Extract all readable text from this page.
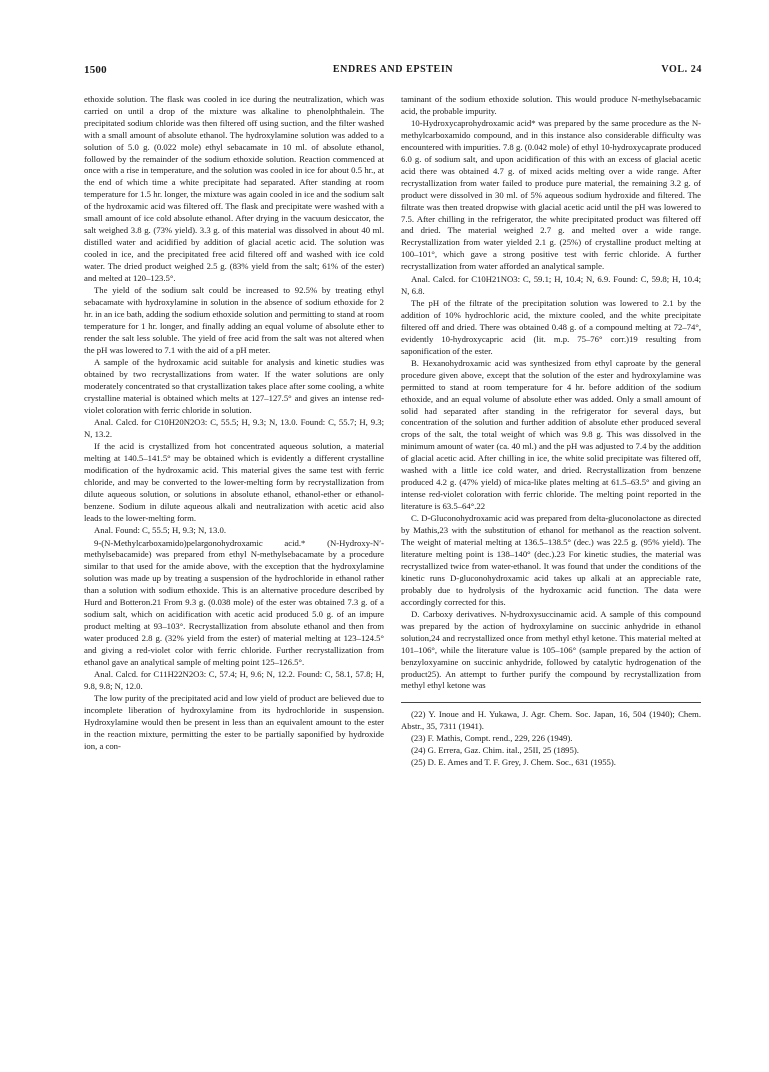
1500	ENDRES AND EPSTEIN	VOL. 24

ethoxide solution. The flask was cooled in ice during the neutralization, which was carried on until a drop of the mixture was alkaline to phenolphthalein. The precipitated sodium chloride was then filtered off using suction, and the filter washed with a small amount of absolute ethanol. The hydroxylamine solution was added to a solution of 5.0 g. (0.022 mole) ethyl sebacamate in 10 ml. of absolute ethanol, followed by the remainder of the sodium ethoxide solution. Reaction commenced at once with a rise in temperature, and the solution was cooled in ice for about 0.5 hr., at the end of which time a white precipitate had separated. After standing at room temperature for 1.5 hr. longer, the mixture was again cooled in ice and the sodium salt of the hydroxamic acid was filtered off. The flask and precipitate were washed with a small amount of ice cold absolute ethanol. After drying in the vacuum desiccator, the salt weighed 3.8 g. (73% yield). 3.3 g. of this material was dissolved in about 40 ml. distilled water and acidified by addition of glacial acetic acid. The solution was cooled in ice, and the precipitated free acid filtered off and washed with ice cold water. The dried product weighed 2.5 g. (83% yield from the salt; 61% of the ester) and melted at 120–123.5°.

The yield of the sodium salt could be increased to 92.5% by treating ethyl sebacamate with hydroxylamine in solution in the absence of sodium ethoxide for 2 hr. in an ice bath, adding the sodium ethoxide solution and permitting to stand at room temperature for 1 hr. longer, and finally adding an equal volume of absolute ether to render the salt less soluble. The yield of free acid from the salt was not altered when the pH was lowered to 7.1 with the aid of a pH meter.

A sample of the hydroxamic acid suitable for analysis and kinetic studies was obtained by two recrystallizations from water. If the water solutions are only moderately concentrated so that crystallization takes place after some cooling, a white crystalline material is obtained which melts at 127–127.5° and gives an intense red-violet coloration with ferric chloride in solution.

Anal. Calcd. for C10H20N2O3: C, 55.5; H, 9.3; N, 13.0. Found: C, 55.7; H, 9.3; N, 13.2.

If the acid is crystallized from hot concentrated aqueous solution, a material melting at 140.5–141.5° may be obtained which is evidently a different crystalline modification of the hydroxamic acid. This material gives the same test with ferric chloride, and may be converted to the lower-melting form by recrystallization from dilute aqueous solution, or solutions in absolute ethanol, ethanol-ether or ethanol-benzene. Sodium in dilute aqueous alkali and neutralization with acetic acid also leads to the lower-melting form.

Anal. Found: C, 55.5; H, 9.3; N, 13.0.

9-(N-Methylcarboxamido)pelargonohydroxamic acid.* (N-Hydroxy-N′-methylsebacamide) was prepared from ethyl N-methylsebacamate by a procedure similar to that used for the amide above, with the exception that the hydroxylamine solution was made up by treating a suspension of the hydrochloride in ethanol rather than a solution with sodium ethoxide. This is an alternative procedure described by Hurd and Botteron.21 From 9.3 g. (0.038 mole) of the ester was obtained 7.3 g. of a sodium salt, which on acidification with acetic acid produced 5.0 g. of an impure product melting at 93–103°. Recrystallization from absolute ethanol and then from water produced 2.8 g. (32% yield from the ester) of material melting at 123–124.5° and giving a red-violet color with ferric chloride. Further recrystallization from ethanol gave an analytical sample of melting point 125–126.5°.

Anal. Calcd. for C11H22N2O3: C, 57.4; H, 9.6; N, 12.2. Found: C, 58.1, 57.8; H, 9.8, 9.8; N, 12.0.

The low purity of the precipitated acid and low yield of product are believed due to incomplete liberation of hydroxylamine from its hydrochloride in suspension. Hydroxylamine would then be present in less than an equivalent amount to the ester in the reaction mixture, permitting the ester to be partially saponified by hydroxide ion, a con-

taminant of the sodium ethoxide solution. This would produce N-methylsebacamic acid, the probable impurity.

10-Hydroxycaprohydroxamic acid* was prepared by the same procedure as the N-methylcarboxamido compound, and in this instance also considerable difficulty was encountered with impurities. 7.8 g. (0.042 mole) of ethyl 10-hydroxycaprate produced 6.0 g. of sodium salt, and upon acidification of this with an excess of glacial acetic acid there was obtained 4.7 g. of mixed acids melting over a wide range. After recrystallization from water failed to produce pure material, the remaining 3.2 g. of product were dissolved in 30 ml. of 5% aqueous sodium hydroxide and filtered. The filtrate was then treated dropwise with glacial acetic acid until the pH was lowered to 7.5. After chilling in the refrigerator, the white precipitated product was filtered off and dried. The material weighed 2.7 g. and melted over a wide range. Recrystallization from water yielded 2.1 g. (25%) of crystalline product melting at 100–101°, which gave a strong positive test with ferric chloride. A further recrystallization from water afforded an analytical sample.

Anal. Calcd. for C10H21NO3: C, 59.1; H, 10.4; N, 6.9. Found: C, 59.8; H, 10.4; N, 6.8.

The pH of the filtrate of the precipitation solution was lowered to 2.1 by the addition of 10% hydrochloric acid, the mixture cooled, and the white precipitate filtered off and dried. There was obtained 0.48 g. of a compound melting at 72–74°, evidently 10-hydroxycapric acid (lit. m.p. 75–76° corr.)19 resulting from saponification of the ester.

B. Hexanohydroxamic acid was synthesized from ethyl caproate by the general procedure given above, except that the solution of the ester and hydroxylamine was permitted to stand at room temperature for 4 hr. before addition of the sodium ethoxide, and an equal volume of absolute ether was added. Only a small amount of solid had separated after standing in the refrigerator for several days, but concentration of the solution and further addition of absolute ether produced several crops of the salt, the total weight of which was 9.8 g. This was dissolved in the minimum amount of water (ca. 40 ml.) and the pH was adjusted to 7.4 by the addition of glacial acetic acid. After chilling in ice, the white solid precipitate was filtered off, washed with a little ice cold water, and dried. Recrystallization from benzene produced 4.2 g. (47% yield) of mica-like plates melting at 61.5–63.5° and giving an intense red-violet coloration with ferric chloride. The melting point reported in the literature is 63.5–64°.22

C. D-Gluconohydroxamic acid was prepared from delta-gluconolactone as directed by Mathis,23 with the substitution of ethanol for methanol as the reaction solvent. The weight of material melting at 136.5–138.5° (dec.) was 22.5 g. (95% yield). The literature melting point is 138–140° (dec.).23 For kinetic studies, the material was recrystallized twice from water-ethanol. It was found that under the conditions of the kinetic runs D-gluconohydroxamic acid takes up alkali at an appreciable rate, probably due to hydrolysis of the hydroxamic acid function. The data were accordingly corrected for this.

D. Carboxy derivatives. N-hydroxysuccinamic acid. A sample of this compound was prepared by the action of hydroxylamine on succinic anhydride in ethanol solution,24 and recrystallized once from methyl ethyl ketone. This material melted at 101–106°, while the literature value is 105–106° (sample prepared by the action of benzyloxyamine on succinic anhydride, followed by catalytic hydrogenation of the product25). An attempt to further purify the compound by recrystallization from methyl ethyl ketone was

(22) Y. Inoue and H. Yukawa, J. Agr. Chem. Soc. Japan, 16, 504 (1940); Chem. Abstr., 35, 7311 (1941).
(23) F. Mathis, Compt. rend., 229, 226 (1949).
(24) G. Errera, Gaz. Chim. ital., 25II, 25 (1895).
(25) D. E. Ames and T. F. Grey, J. Chem. Soc., 631 (1955).
